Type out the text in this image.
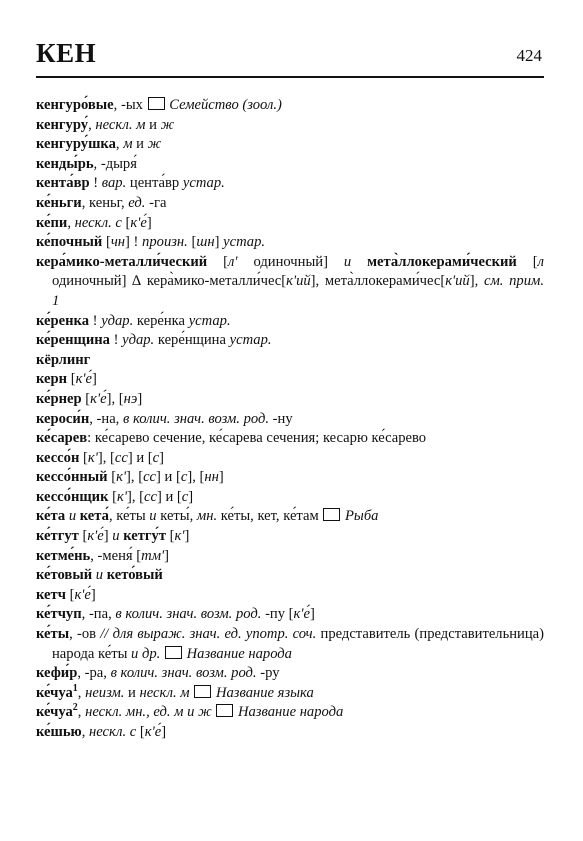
КЕН	424

кенгуро́вые, -ых  Семейство (зоол.)

кенгуру́, нескл. м и ж

кенгуру́шка, м и ж

кенды́рь, -дыря́

кента́вр ! вар. цента́вр устар.

ке́ньги, кеньг, ед. -га

ке́пи, нескл. с [к'е́]

ке́почный [чн] ! произн. [шн] устар.

кера́мико-металли́ческий [л' одиночный] и мета̀ллокерами́ческий [л одиночный] ∆ кера̀мико-металли́чес[к'ий], мета̀ллокерами́чес[к'ий], см. прим. 1

ке́ренка ! удар. кере́нка устар.

ке́ренщина ! удар. кере́нщина устар.

кёрлинг

керн [к'е́]

ке́рнер [к'е́], [нэ]

кероси́н, -на, в колич. знач. возм. род. -ну

ке́сарев: ке́сарево сечение, ке́сарева сечения; кесарю ке́сарево

кессо́н [к'], [сс] и [с]

кессо́нный [к'], [сс] и [с], [нн]

кессо́нщик [к'], [сс] и [с]

ке́та и кета́, ке́ты и кеты́, мн. ке́ты, кет, ке́там Рыба

ке́тгут [к'е́] и кетгу́т [к']

кетме́нь, -меня́ [тм']

ке́товый и кето́вый

кетч [к'е́]

ке́тчуп, -па, в колич. знач. возм. род. -пу [к'е́]

ке́ты, -ов // для выраж. знач. ед. употр. соч. представитель (представительница) народа ке́ты и др. Название народа

кефи́р, -ра, в колич. знач. возм. род. -ру

ке́чуа$^1$, неизм. и нескл. м Название языка

ке́чуа$^2$, нескл. мн., ед. м и ж Название народа

ке́шью, нескл. с [к'е́]
